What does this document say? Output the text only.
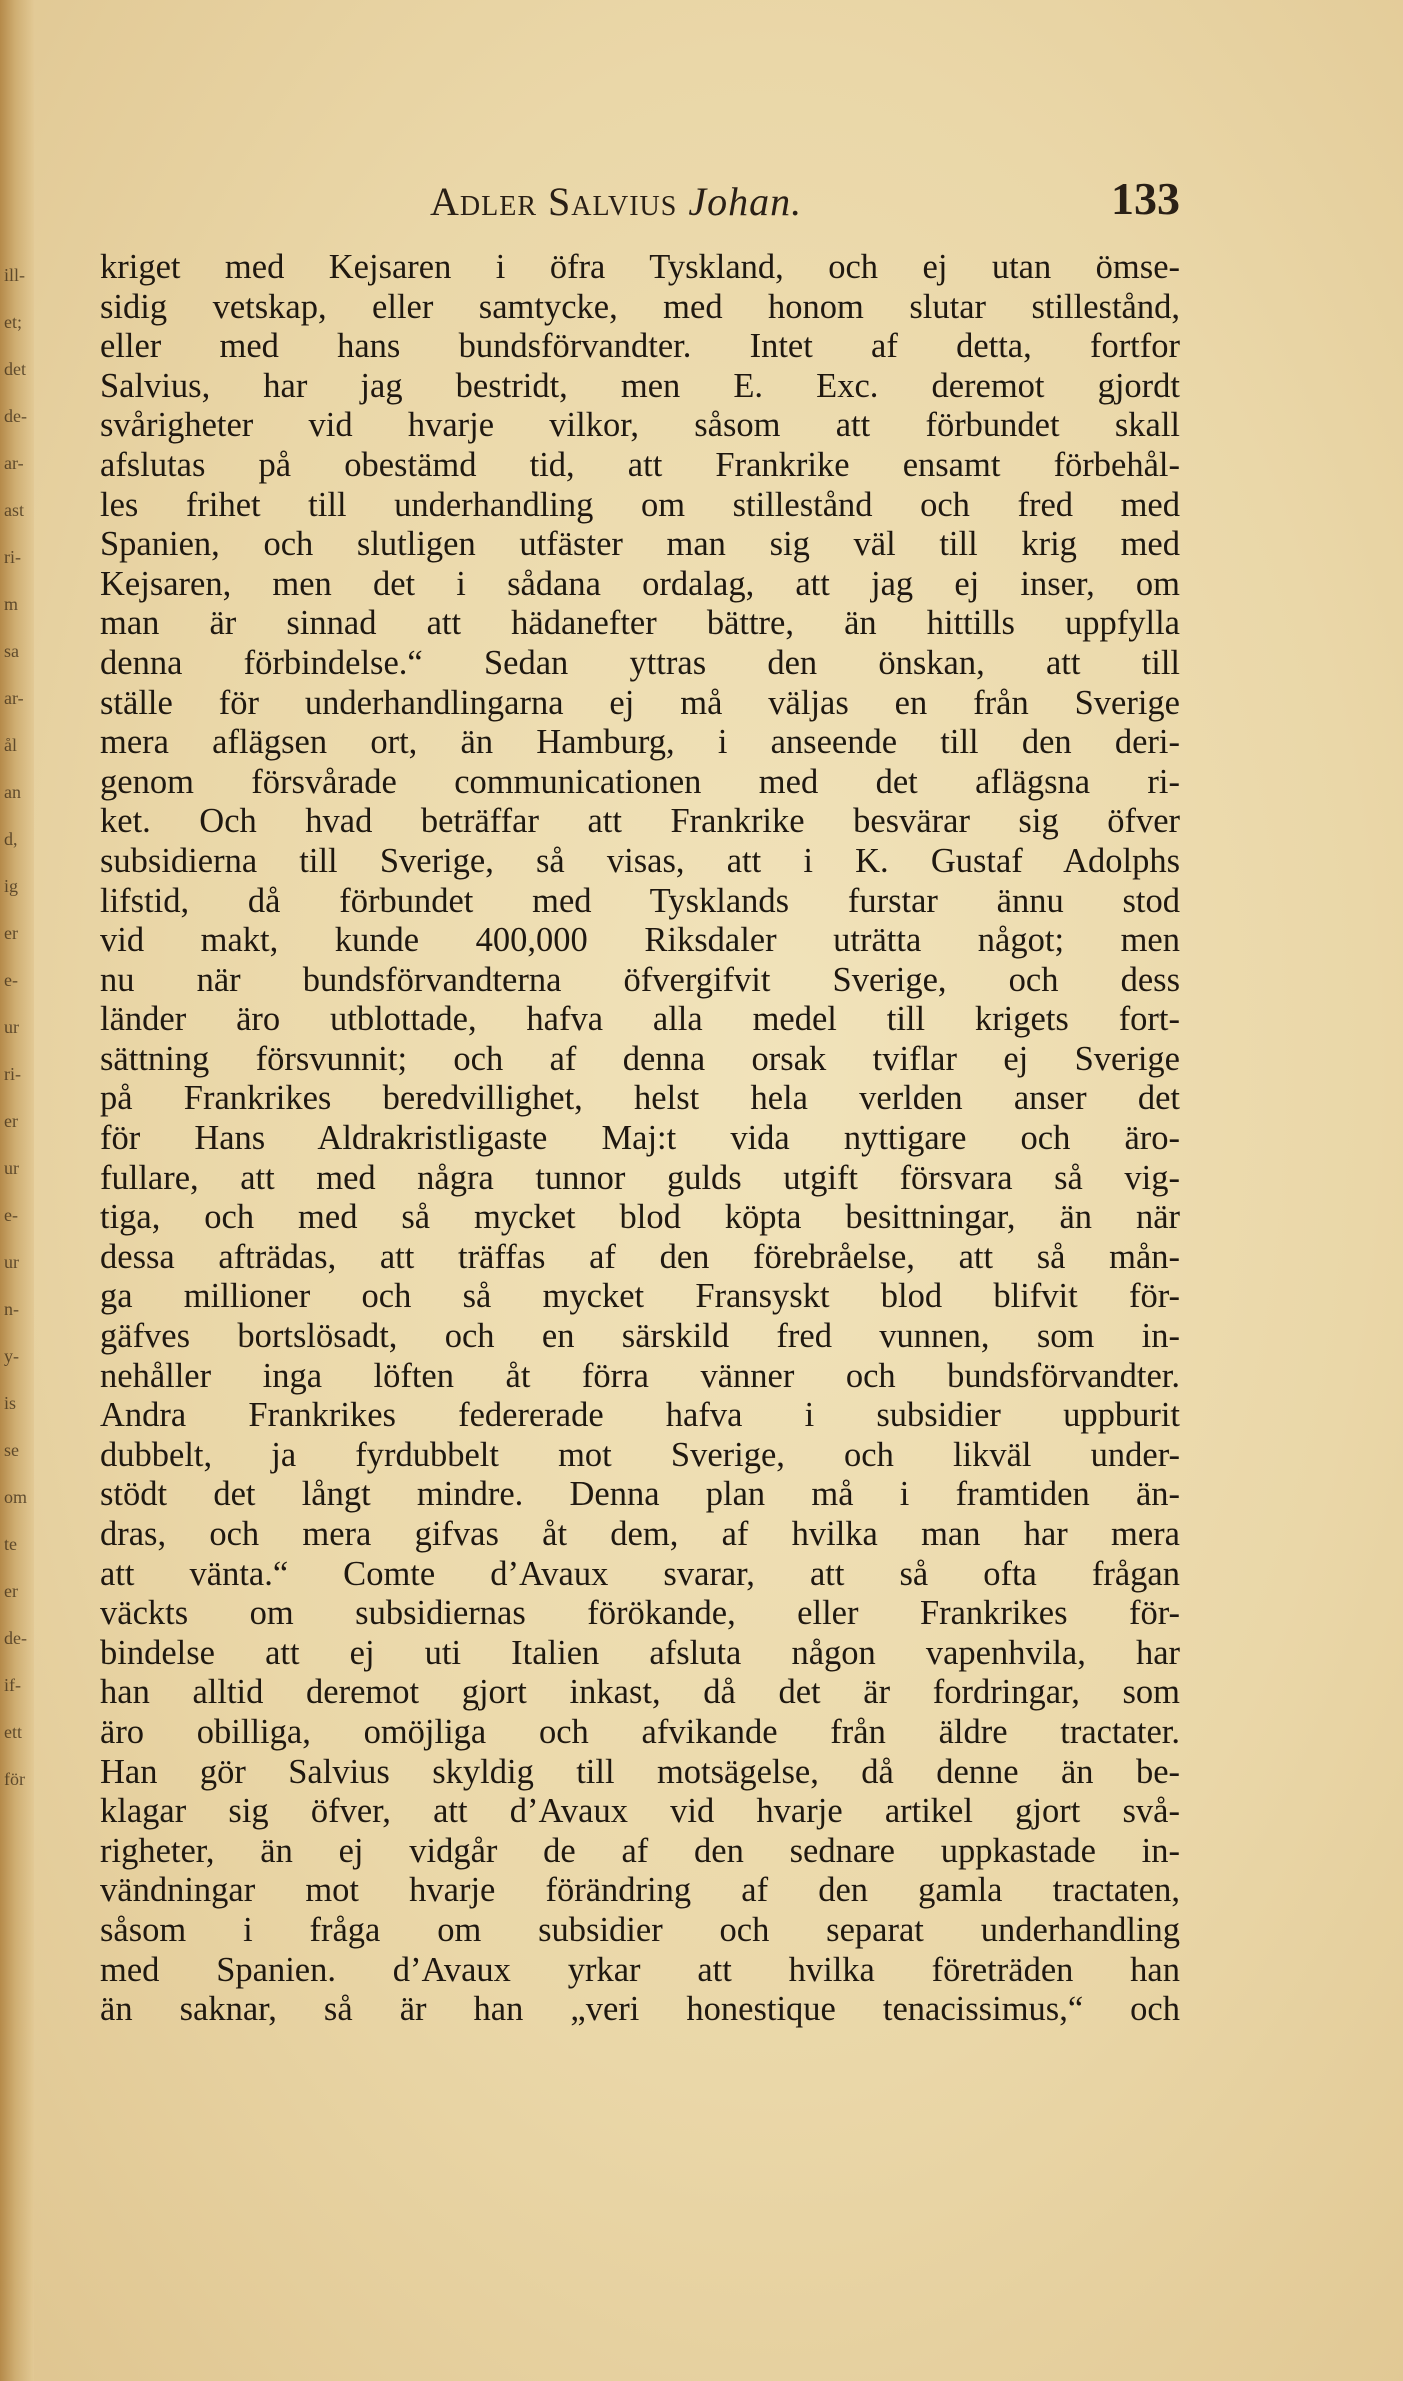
ill-
et;
det
de-
ar-
ast
ri-
m
sa
ar-
ål
an
d,
ig
er
e-
ur
ri-
er
ur
e-
ur
n-
y-
is
se
om
te
er
de-
if-
ett
för
Adler Salvius Johan.	133
kriget med Kejsaren i öfra Tyskland, och ej utan ömse-
sidig vetskap, eller samtycke, med honom slutar stillestånd,
eller med hans bundsförvandter. Intet af detta, fortfor
Salvius, har jag bestridt, men E. Exc. deremot gjordt
svårigheter vid hvarje vilkor, såsom att förbundet skall
afslutas på obestämd tid, att Frankrike ensamt förbehål-
les frihet till underhandling om stillestånd och fred med
Spanien, och slutligen utfäster man sig väl till krig med
Kejsaren, men det i sådana ordalag, att jag ej inser, om
man är sinnad att hädanefter bättre, än hittills uppfylla
denna förbindelse.“ Sedan yttras den önskan, att till
ställe för underhandlingarna ej må väljas en från Sverige
mera aflägsen ort, än Hamburg, i anseende till den deri-
genom försvårade communicationen med det aflägsna ri-
ket. Och hvad beträffar att Frankrike besvärar sig öfver
subsidierna till Sverige, så visas, att i K. Gustaf Adolphs
lifstid, då förbundet med Tysklands furstar ännu stod
vid makt, kunde 400,000 Riksdaler uträtta något; men
nu när bundsförvandterna öfvergifvit Sverige, och dess
länder äro utblottade, hafva alla medel till krigets fort-
sättning försvunnit; och af denna orsak tviflar ej Sverige
på Frankrikes beredvillighet, helst hela verlden anser det
för Hans Aldrakristligaste Maj:t vida nyttigare och äro-
fullare, att med några tunnor gulds utgift försvara så vig-
tiga, och med så mycket blod köpta besittningar, än när
dessa afträdas, att träffas af den förebråelse, att så mån-
ga millioner och så mycket Fransyskt blod blifvit för-
gäfves bortslösadt, och en särskild fred vunnen, som in-
nehåller inga löften åt förra vänner och bundsförvandter.
Andra Frankrikes federerade hafva i subsidier uppburit
dubbelt, ja fyrdubbelt mot Sverige, och likväl under-
stödt det långt mindre. Denna plan må i framtiden än-
dras, och mera gifvas åt dem, af hvilka man har mera
att vänta.“ Comte d’Avaux svarar, att så ofta frågan
väckts om subsidiernas förökande, eller Frankrikes för-
bindelse att ej uti Italien afsluta någon vapenhvila, har
han alltid deremot gjort inkast, då det är fordringar, som
äro obilliga, omöjliga och afvikande från äldre tractater.
Han gör Salvius skyldig till motsägelse, då denne än be-
klagar sig öfver, att d’Avaux vid hvarje artikel gjort svå-
righeter, än ej vidgår de af den sednare uppkastade in-
vändningar mot hvarje förändring af den gamla tractaten,
såsom i fråga om subsidier och separat underhandling
med Spanien. d’Avaux yrkar att hvilka företräden han
än saknar, så är han „veri honestique tenacissimus,“ och
